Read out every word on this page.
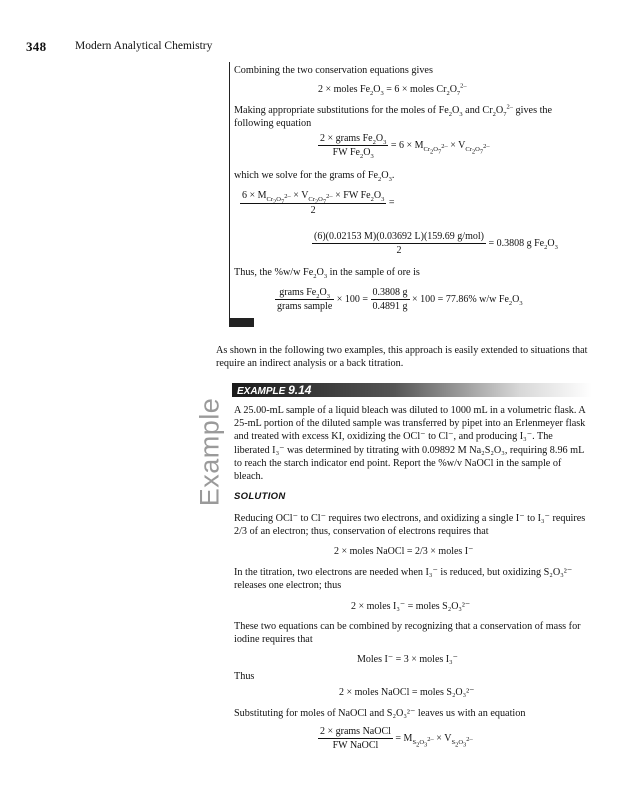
348 Modern Analytical Chemistry
Combining the two conservation equations gives
2 × moles $Fe_2O_3 = 6$ × moles $Cr_2O_7^{2-}$
Making appropriate substitutions for the moles of $Fe_2O_3$ and $Cr_2O_7^{2-}$ gives the following equation
$\frac{2 \times grams Fe_2O_3}{FW Fe_2O_3} = 6 \times M_{Cr_2O_7^{2-}} \times V_{Cr_2O_7^{2-}}$
which we solve for the grams of $Fe_2O_3$.
$\frac{6 \times M_{Cr_2O_7^{2-}} \times V_{Cr_2O_7^{2-}} \times FW Fe_2O_3}{2}$ =
$\frac{\text{(6)(0.02153 M)(0.03692 L)(159.69 g/mol)}}{2} = 0.3808$ g $Fe_2O_3$
Thus, the %w/w $Fe_2O_3$ in the sample of ore is
$\frac{grams Fe_2O_3}{\text{grams sample}} \times 100 = \frac{0.3808 g}{0.4891 g} \times 100 = 77.86\%$ w/w $Fe_2O_3$
As shown in the following two examples, this approach is easily extended to situations that require an indirect analysis or a back titration.
EXAMPLE 9.14
Example A 25.00-mL sample of a liquid bleach was diluted to 1000 mL in a volumetric flask. A 25-mL portion of the diluted sample was transferred by pipet into an Erlenmeyer flask and treated with excess KI, oxidizing the OCl⁻ to Cl⁻, and producing I₃⁻. The liberated I₃⁻ was determined by titrating with 0.09892 M Na₂S₂O₃, requiring 8.96 mL to reach the starch indicator end point. Report the %w/v NaOCl in the sample of bleach.
SOLUTION
Reducing OCl⁻ to Cl⁻ requires two electrons, and oxidizing a single I⁻ to I₃⁻ requires 2/3 of an electron; thus, conservation of electrons requires that
2 × moles NaOCl = 2/3 × moles I⁻
In the titration, two electrons are needed when I₃⁻ is reduced, but oxidizing S₂O₃²⁻ releases one electron; thus
2 × moles I₃⁻ = moles S₂O₃²⁻
These two equations can be combined by recognizing that a conservation of mass for iodine requires that
Moles I⁻ = 3 × moles I₃⁻
Thus
2 × moles NaOCl = moles S₂O₃²⁻
Substituting for moles of NaOCl and S₂O₃²⁻ leaves us with an equation
$\frac{\text{2 × grams NaOCl}}{\text{FW NaOCl}} = M_{S_2O_3^{2-}} \times V_{S_2O_3^{2-}}$
